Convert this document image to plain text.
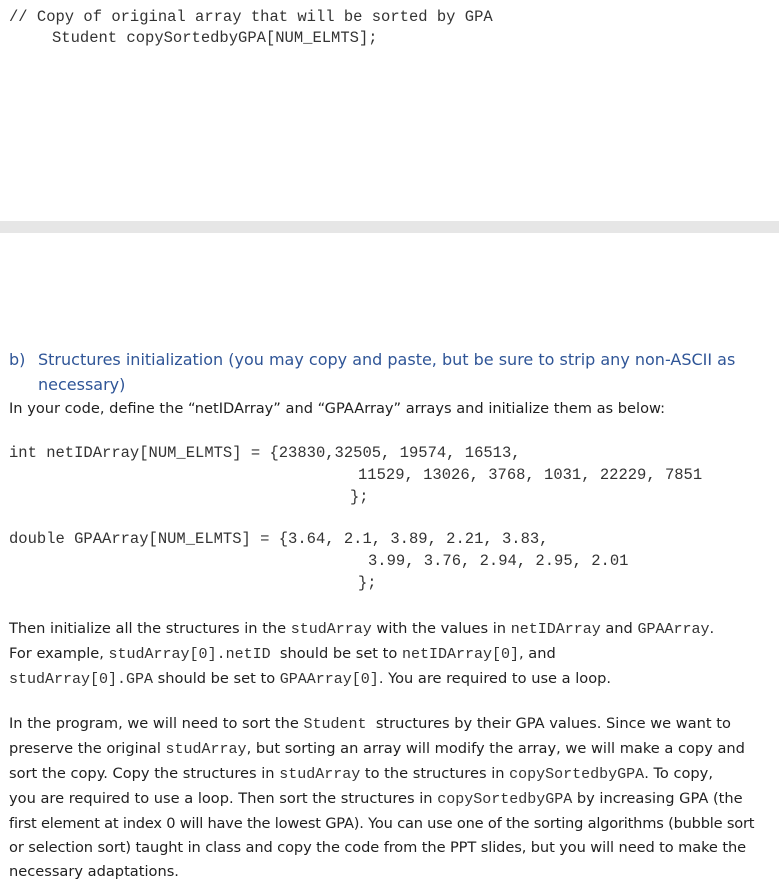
// Copy of original array that will be sorted by GPA
Student copySortedbyGPA[NUM_ELMTS];
b) Structures initialization (you may copy and paste, but be sure to strip any non-ASCII as
necessary)
In your code, define the “netIDArray” and “GPAArray” arrays and initialize them as below:
int netIDArray[NUM_ELMTS] = {23830,32505, 19574, 16513,
11529, 13026, 3768, 1031, 22229, 7851
};
double GPAArray[NUM_ELMTS] = {3.64, 2.1, 3.89, 2.21, 3.83,
3.99, 3.76, 2.94, 2.95, 2.01
};
Then initialize all the structures in the studArray with the values in netIDArray and GPAArray.
For example, studArray[0].netID  should be set to netIDArray[0], and
studArray[0].GPA should be set to GPAArray[0]. You are required to use a loop.
In the program, we will need to sort the Student  structures by their GPA values. Since we want to
preserve the original studArray, but sorting an array will modify the array, we will make a copy and
sort the copy. Copy the structures in studArray to the structures in copySortedbyGPA. To copy,
you are required to use a loop. Then sort the structures in copySortedbyGPA by increasing GPA (the
first element at index 0 will have the lowest GPA). You can use one of the sorting algorithms (bubble sort
or selection sort) taught in class and copy the code from the PPT slides, but you will need to make the
necessary adaptations.
